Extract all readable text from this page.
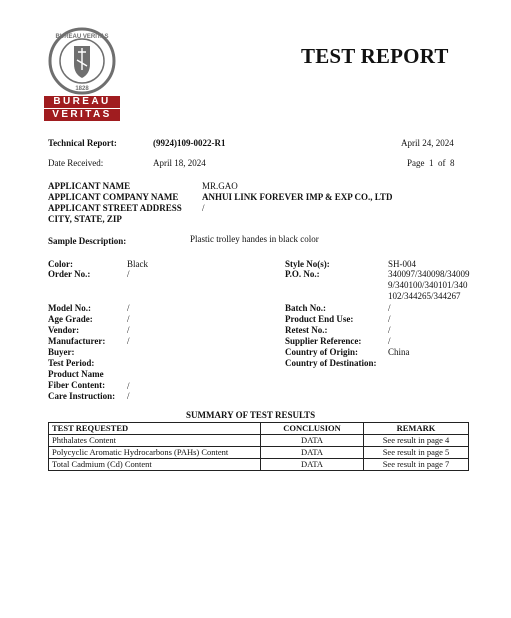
BUREAU VERITAS
1828
BUREAU
VERITAS
TEST REPORT
Technical Report:	(9924)109-0022-R1	April 24, 2024
Date Received:	April 18, 2024	Page  1  of  8
APPLICANT NAME	MR.GAO
APPLICANT COMPANY NAME	ANHUI LINK FOREVER IMP & EXP CO., LTD
APPLICANT STREET ADDRESS /
CITY, STATE, ZIP
Sample Description:	Plastic trolley handes in black color
Color:	Black
Order No.:	/
Model No.:	/
Age Grade:	/
Vendor:	/
Manufacturer: /
Buyer:
Test Period:
Product Name
Fiber Content: /
Care Instruction: /
Style No(s):	SH-004
P.O. No.:	340097/340098/340099/340100/340101/340102/344265/344267
Batch No.:	/
Product End Use:	/
Retest No.:	/
Supplier Reference:	/
Country of Origin:	China
Country of Destination:
SUMMARY OF TEST RESULTS
TEST REQUESTED	CONCLUSION	REMARK
Phthalates Content	DATA	See result in page 4
Polycyclic Aromatic Hydrocarbons (PAHs) Content	DATA	See result in page 5
Total Cadmium (Cd) Content	DATA	See result in page 7
